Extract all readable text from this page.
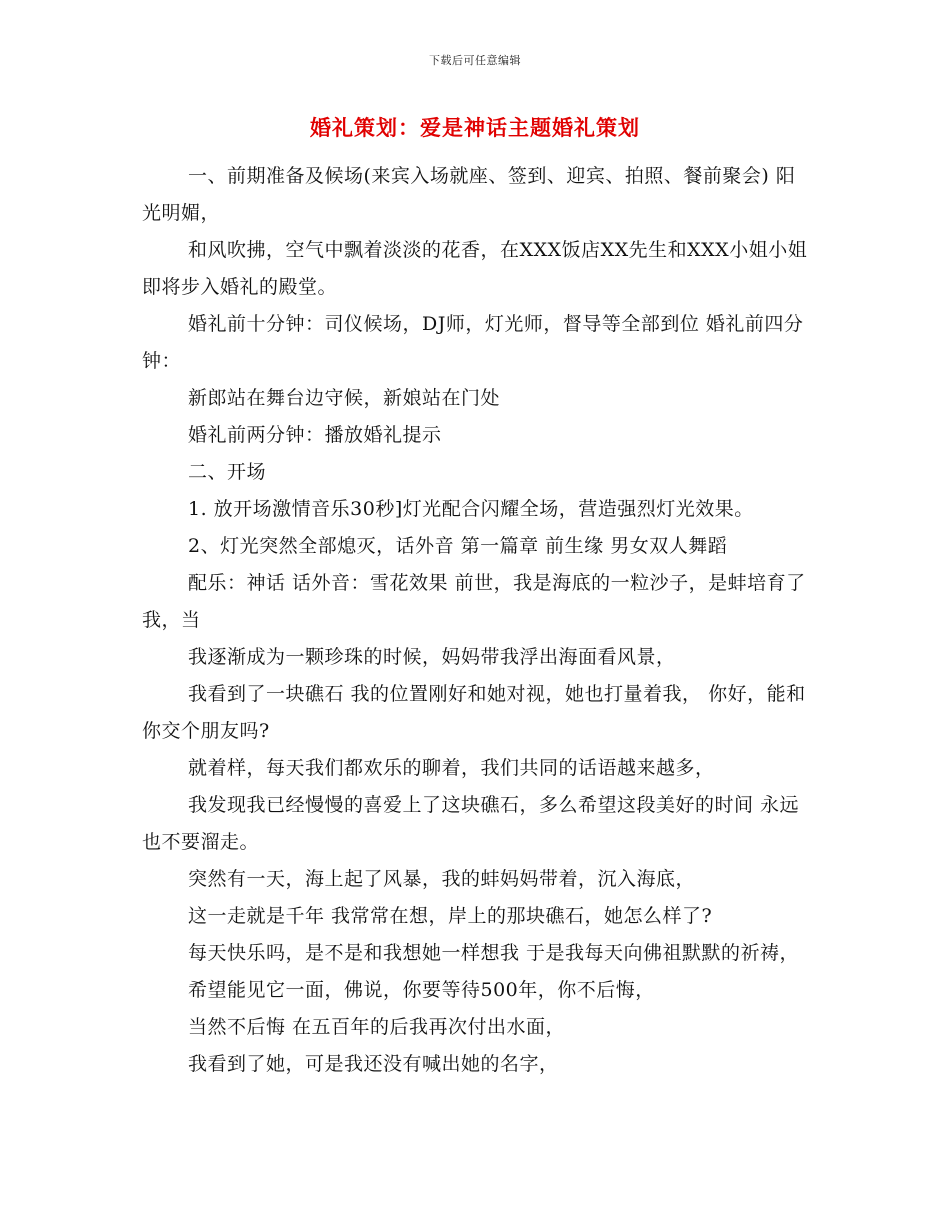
下载后可任意编辑
婚礼策划：爱是神话主题婚礼策划

一、前期准备及候场(来宾入场就座、签到、迎宾、拍照、餐前聚会) 阳光明媚，

和风吹拂，空气中飘着淡淡的花香，在XXX饭店XX先生和XXX小姐小姐即将步入婚礼的殿堂。

婚礼前十分钟：司仪候场，DJ师，灯光师，督导等全部到位 婚礼前四分钟：

新郎站在舞台边守候，新娘站在门处

婚礼前两分钟：播放婚礼提示

二、开场

1. 放开场激情音乐30秒]灯光配合闪耀全场，营造强烈灯光效果。

2、灯光突然全部熄灭，话外音 第一篇章 前生缘 男女双人舞蹈

配乐：神话 话外音：雪花效果 前世，我是海底的一粒沙子，是蚌培育了我，当

我逐渐成为一颗珍珠的时候，妈妈带我浮出海面看风景，

我看到了一块礁石 我的位置刚好和她对视，她也打量着我， 你好，能和你交个朋友吗?

就着样，每天我们都欢乐的聊着，我们共同的话语越来越多，

我发现我已经慢慢的喜爱上了这块礁石，多么希望这段美好的时间 永远也不要溜走。

突然有一天，海上起了风暴，我的蚌妈妈带着，沉入海底，

这一走就是千年 我常常在想，岸上的那块礁石，她怎么样了?

每天快乐吗，是不是和我想她一样想我 于是我每天向佛祖默默的祈祷，

希望能见它一面，佛说，你要等待500年，你不后悔，

当然不后悔 在五百年的后我再次付出水面，

我看到了她，可是我还没有喊出她的名字，
